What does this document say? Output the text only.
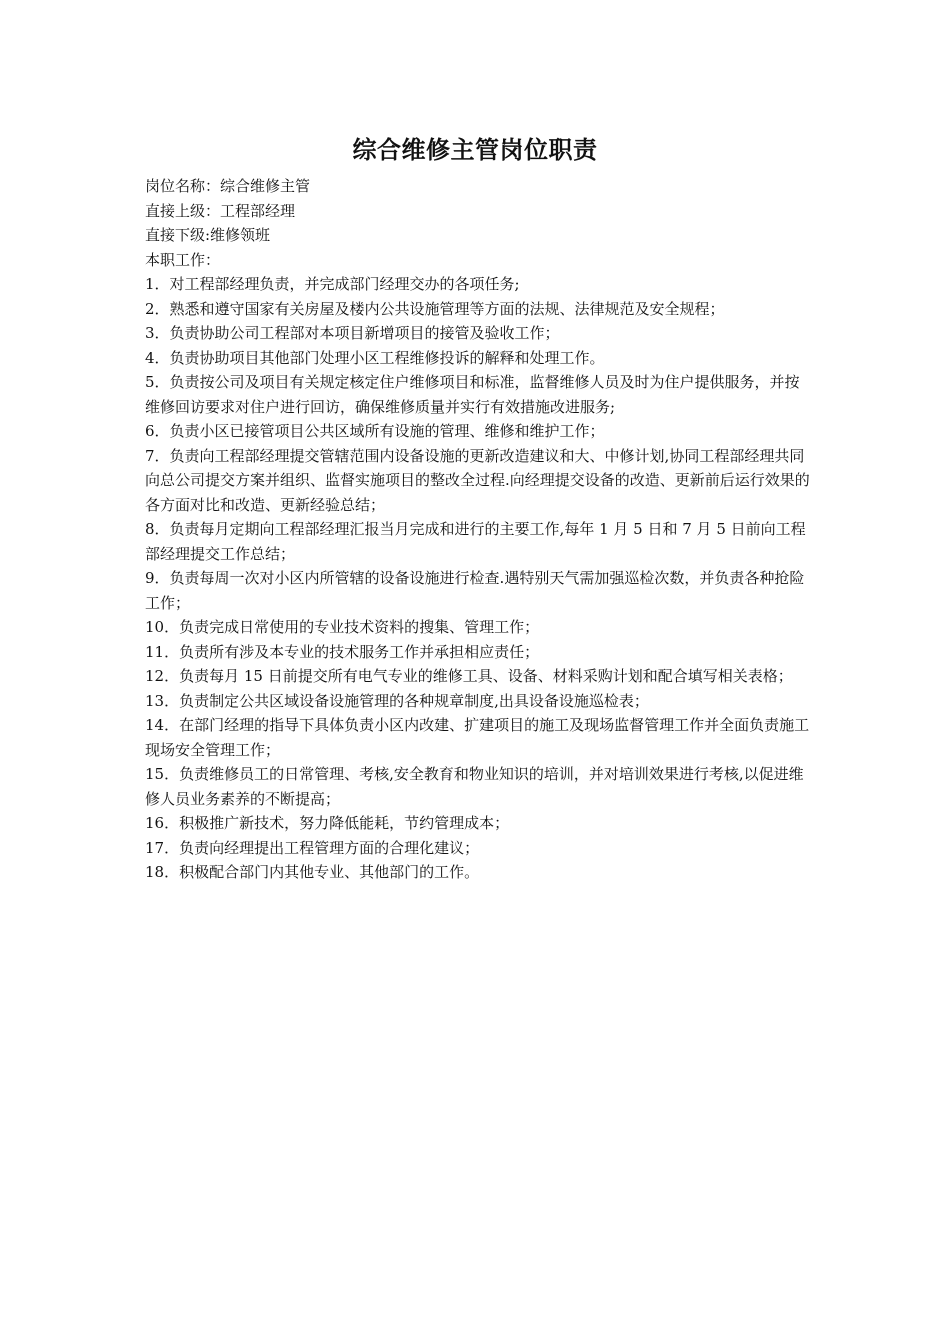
综合维修主管岗位职责

岗位名称：综合维修主管

直接上级：工程部经理

直接下级:维修领班

本职工作：

1．对工程部经理负责，并完成部门经理交办的各项任务;

2．熟悉和遵守国家有关房屋及楼内公共设施管理等方面的法规、法律规范及安全规程；

3．负责协助公司工程部对本项目新增项目的接管及验收工作；

4．负责协助项目其他部门处理小区工程维修投诉的解释和处理工作。

5．负责按公司及项目有关规定核定住户维修项目和标准，监督维修人员及时为住户提供服务，并按维修回访要求对住户进行回访，确保维修质量并实行有效措施改进服务;

6．负责小区已接管项目公共区域所有设施的管理、维修和维护工作；

7．负责向工程部经理提交管辖范围内设备设施的更新改造建议和大、中修计划,协同工程部经理共同向总公司提交方案并组织、监督实施项目的整改全过程.向经理提交设备的改造、更新前后运行效果的各方面对比和改造、更新经验总结；

8．负责每月定期向工程部经理汇报当月完成和进行的主要工作,每年 1 月 5 日和 7 月 5 日前向工程部经理提交工作总结；

9．负责每周一次对小区内所管辖的设备设施进行检查.遇特别天气需加强巡检次数，并负责各种抢险工作；

10．负责完成日常使用的专业技术资料的搜集、管理工作；

11．负责所有涉及本专业的技术服务工作并承担相应责任；

12．负责每月 15 日前提交所有电气专业的维修工具、设备、材料采购计划和配合填写相关表格；

13．负责制定公共区域设备设施管理的各种规章制度,出具设备设施巡检表；

14．在部门经理的指导下具体负责小区内改建、扩建项目的施工及现场监督管理工作并全面负责施工现场安全管理工作；

15．负责维修员工的日常管理、考核,安全教育和物业知识的培训，并对培训效果进行考核,以促进维修人员业务素养的不断提高；

16．积极推广新技术，努力降低能耗，节约管理成本；

17．负责向经理提出工程管理方面的合理化建议；

18．积极配合部门内其他专业、其他部门的工作。
